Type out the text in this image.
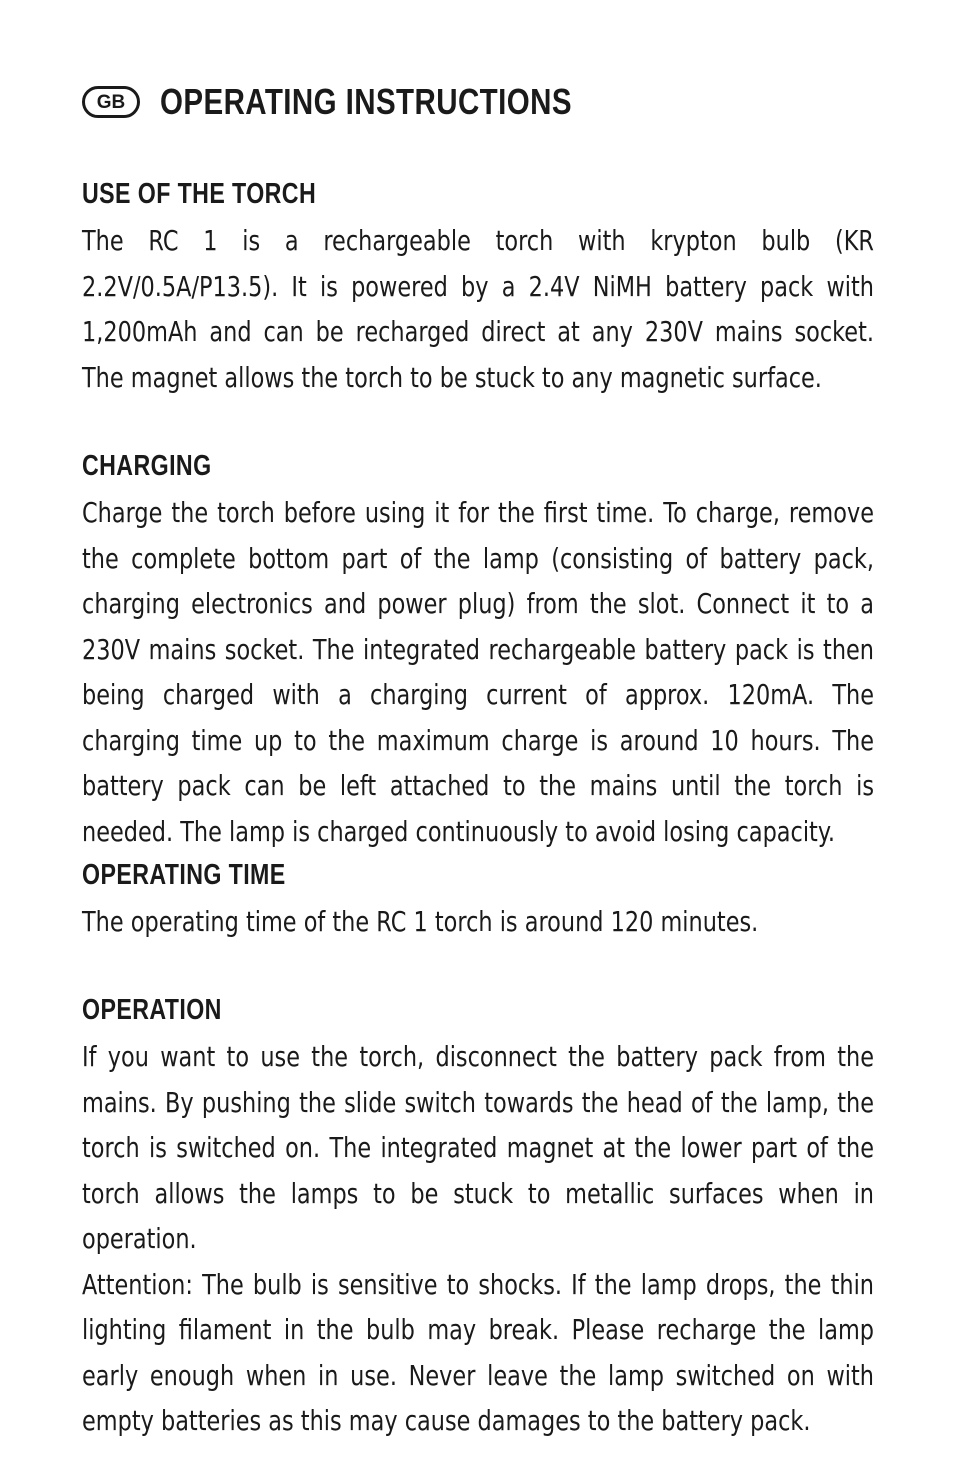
GB OPERATING INSTRUCTIONS
USE OF THE TORCH

The RC 1 is a rechargeable torch with krypton bulb (KR 2.2V/0.5A/P13.5). It is powered by a 2.4V NiMH battery pack with 1,200mAh and can be recharged direct at any 230V mains socket. The magnet allows the torch to be stuck to any magnetic surface.

CHARGING

Charge the torch before using it for the first time. To charge, remove the complete bottom part of the lamp (consisting of battery pack, charging electronics and power plug) from the slot. Connect it to a 230V mains socket. The integrated rechargeable battery pack is then being charged with a charging current of approx. 120mA. The charging time up to the maximum charge is around 10 hours. The battery pack can be left attached to the mains until the torch is needed. The lamp is charged continuously to avoid losing capacity.

OPERATING TIME

The operating time of the RC 1 torch is around 120 minutes.

OPERATION

If you want to use the torch, disconnect the battery pack from the mains. By pushing the slide switch towards the head of the lamp, the torch is switched on. The integrated magnet at the lower part of the torch allows the lamps to be stuck to metallic surfaces when in operation.

Attention: The bulb is sensitive to shocks. If the lamp drops, the thin lighting filament in the bulb may break. Please recharge the lamp early enough when in use. Never leave the lamp switched on with empty batteries as this may cause damages to the battery pack.
